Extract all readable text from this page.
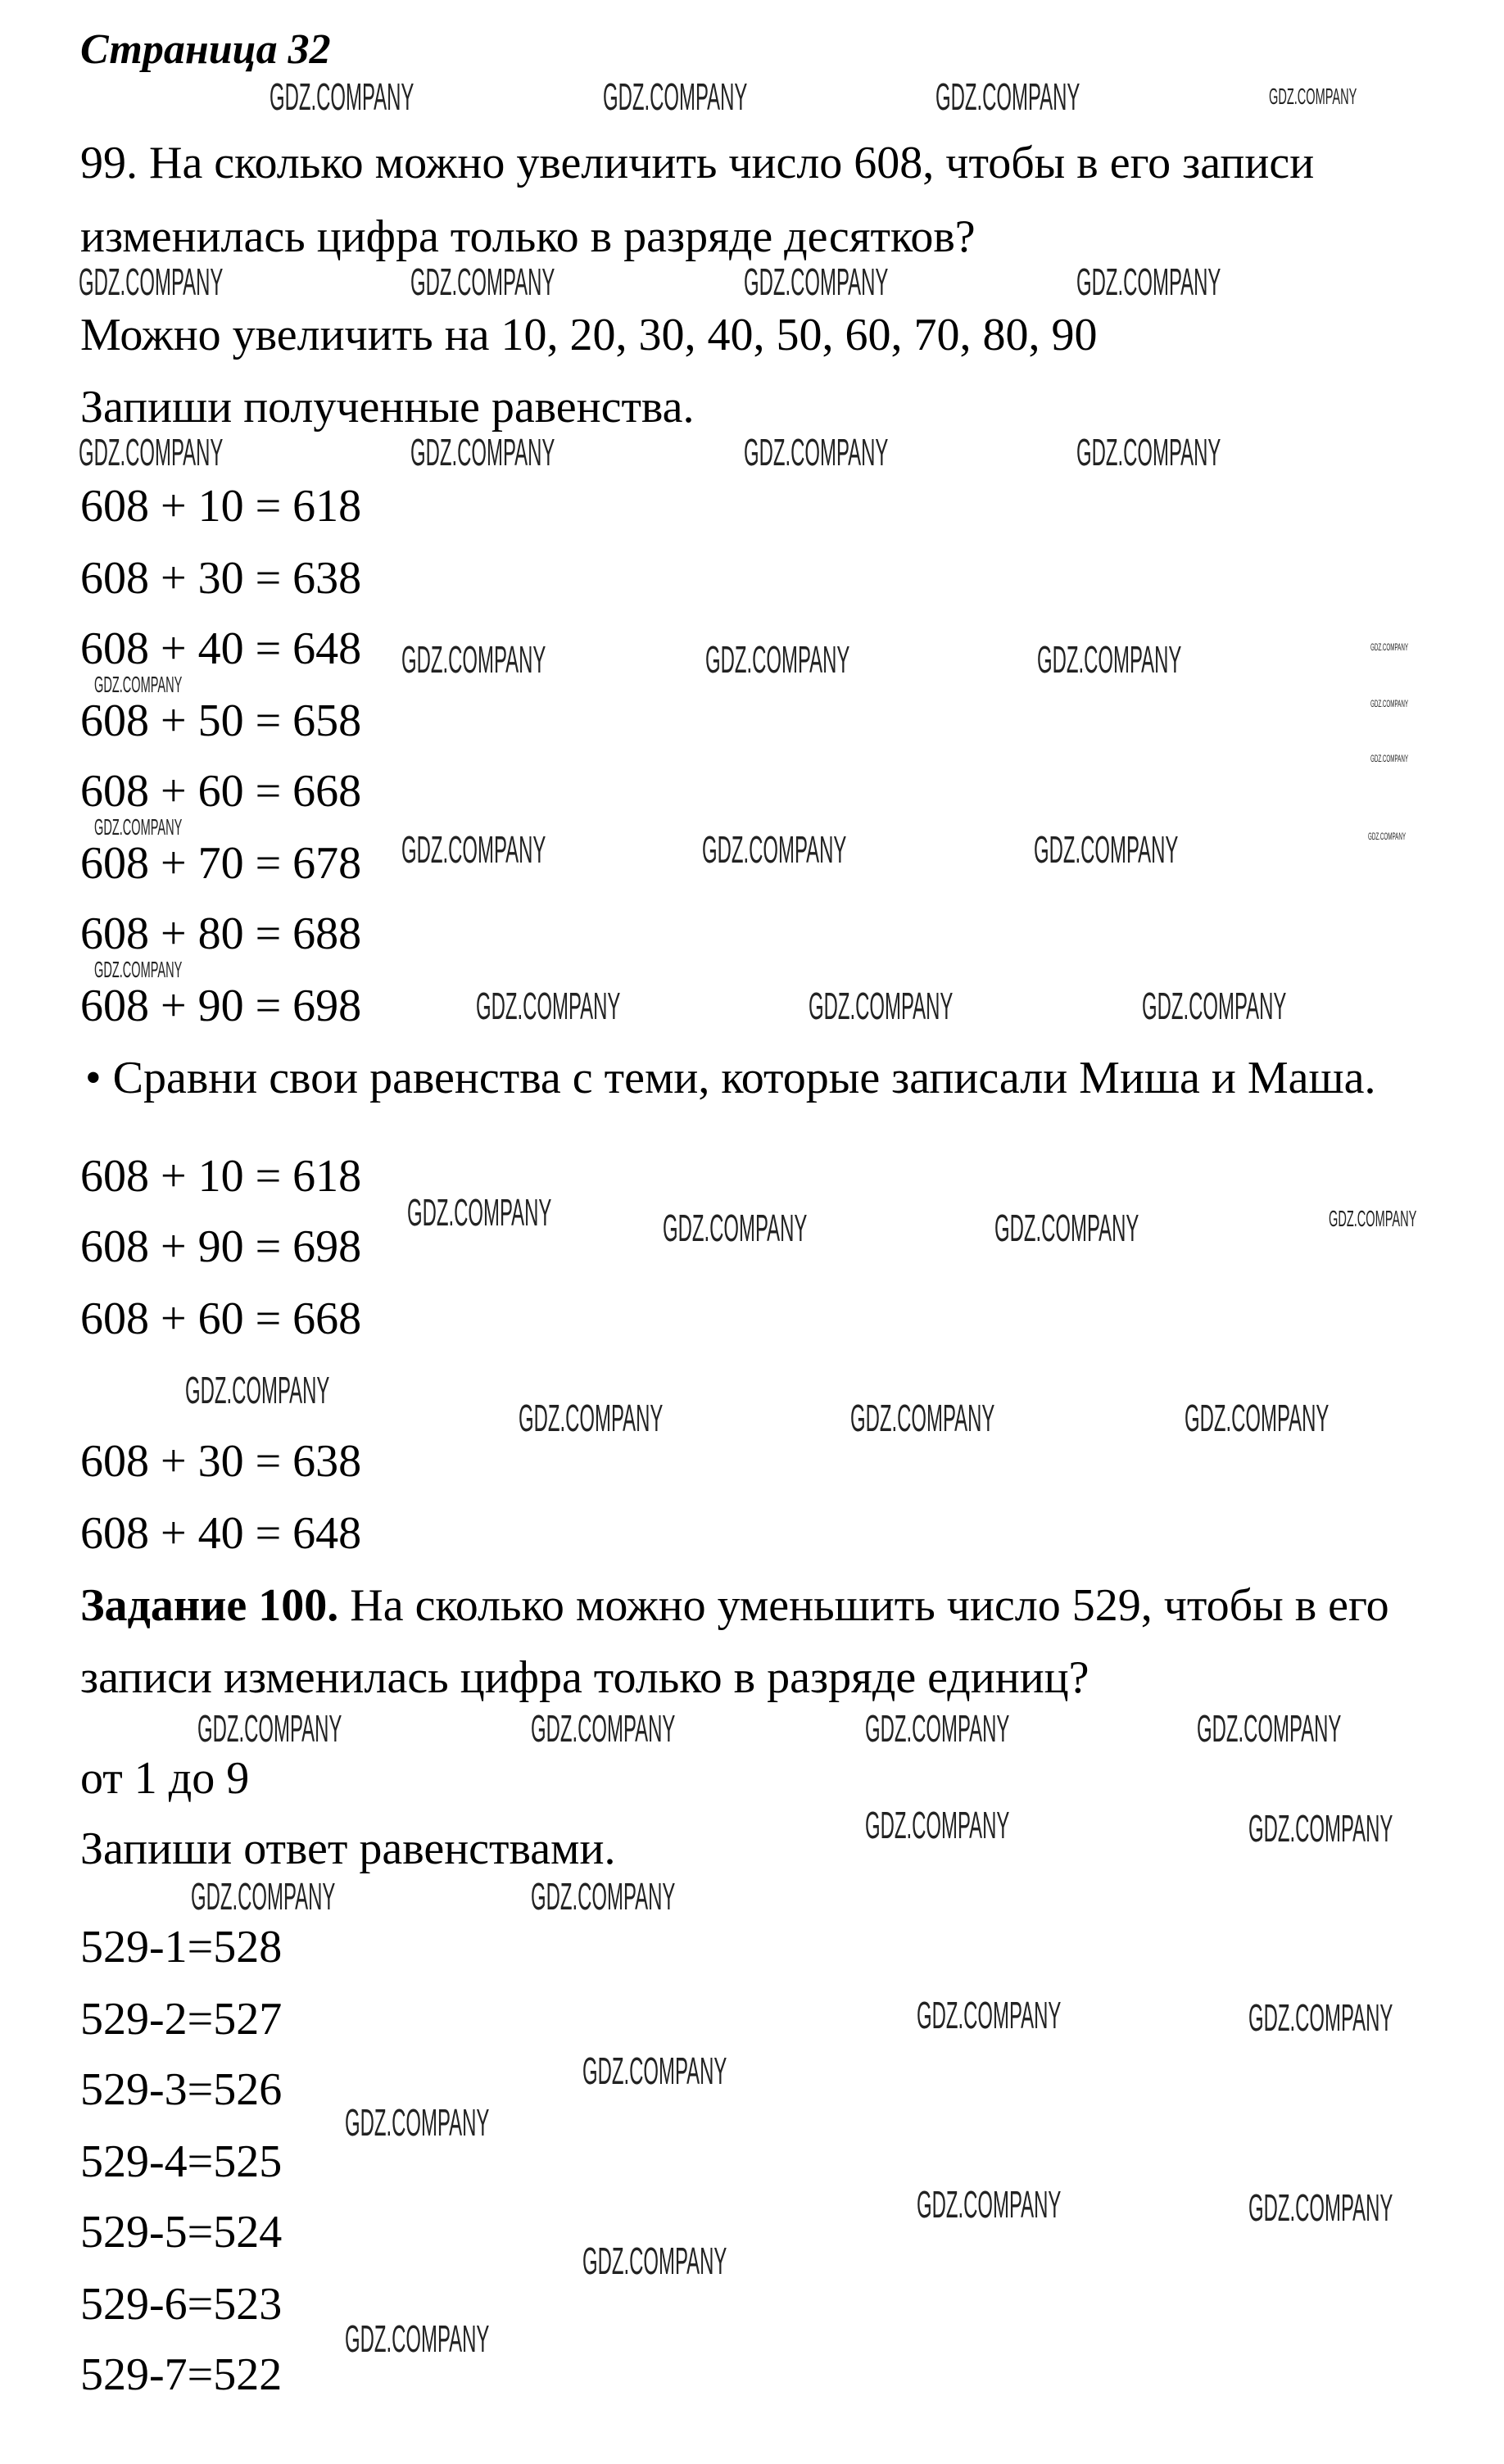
Страница 32
99. На сколько можно увеличить число 608, чтобы в его записи
изменилась цифра только в разряде десятков?
Можно увеличить на 10, 20, 30, 40, 50, 60, 70, 80, 90
Запиши полученные равенства.
608 + 10 = 618
608 + 30 = 638
608 + 40 = 648
608 + 50 = 658
608 + 60 = 668
608 + 70 = 678
608 + 80 = 688
608 + 90 = 698
• Сравни свои равенства с теми, которые записали Миша и Маша.
608 + 10 = 618
608 + 90 = 698
608 + 60 = 668
608 + 30 = 638
608 + 40 = 648
Задание 100. На сколько можно уменьшить число 529, чтобы в его
записи изменилась цифра только в разряде единиц?
от 1 до 9
Запиши ответ равенствами.
529-1=528
529-2=527
529-3=526
529-4=525
529-5=524
529-6=523
529-7=522
GDZ.COMPANY	GDZ.COMPANY	GDZ.COMPANY	GDZ.COMPANY
GDZ.COMPANY	GDZ.COMPANY	GDZ.COMPANY	GDZ.COMPANY
GDZ.COMPANY	GDZ.COMPANY	GDZ.COMPANY	GDZ.COMPANY
GDZ.COMPANY	GDZ.COMPANY	GDZ.COMPANY	GDZ.COMPANY
GDZ.COMPANY
GDZ.COMPANY
GDZ.COMPANY
GDZ.COMPANY
GDZ.COMPANY	GDZ.COMPANY	GDZ.COMPANY	GDZ.COMPANY
GDZ.COMPANY
GDZ.COMPANY	GDZ.COMPANY	GDZ.COMPANY
GDZ.COMPANY	GDZ.COMPANY	GDZ.COMPANY	GDZ.COMPANY
GDZ.COMPANY
GDZ.COMPANY	GDZ.COMPANY	GDZ.COMPANY
GDZ.COMPANY	GDZ.COMPANY	GDZ.COMPANY	GDZ.COMPANY
GDZ.COMPANY	GDZ.COMPANY
GDZ.COMPANY	GDZ.COMPANY
GDZ.COMPANY	GDZ.COMPANY
GDZ.COMPANY
GDZ.COMPANY
GDZ.COMPANY	GDZ.COMPANY
GDZ.COMPANY
GDZ.COMPANY
